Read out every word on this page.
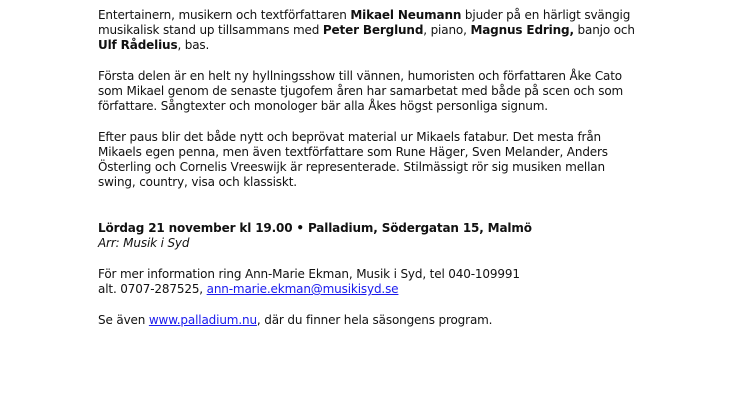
Entertainern, musikern och textförfattaren Mikael Neumann bjuder på en härligt svängig musikalisk stand up tillsammans med Peter Berglund, piano, Magnus Edring, banjo och Ulf Rådelius, bas.

Första delen är en helt ny hyllningsshow till vännen, humoristen och författaren Åke Cato som Mikael genom de senaste tjugofem åren har samarbetat med både på scen och som författare. Sångtexter och monologer bär alla Åkes högst personliga signum.

Efter paus blir det både nytt och beprövat material ur Mikaels fatabur. Det mesta från Mikaels egen penna, men även textförfattare som Rune Häger, Sven Melander, Anders Österling och Cornelis Vreeswijk är representerade. Stilmässigt rör sig musiken mellan swing, country, visa och klassiskt.

Lördag 21 november kl 19.00 • Palladium, Södergatan 15, Malmö

Arr: Musik i Syd

För mer information ring Ann-Marie Ekman, Musik i Syd, tel 040-109991

alt. 0707-287525, ann-marie.ekman@musikisyd.se

Se även www.palladium.nu, där du finner hela säsongens program.
